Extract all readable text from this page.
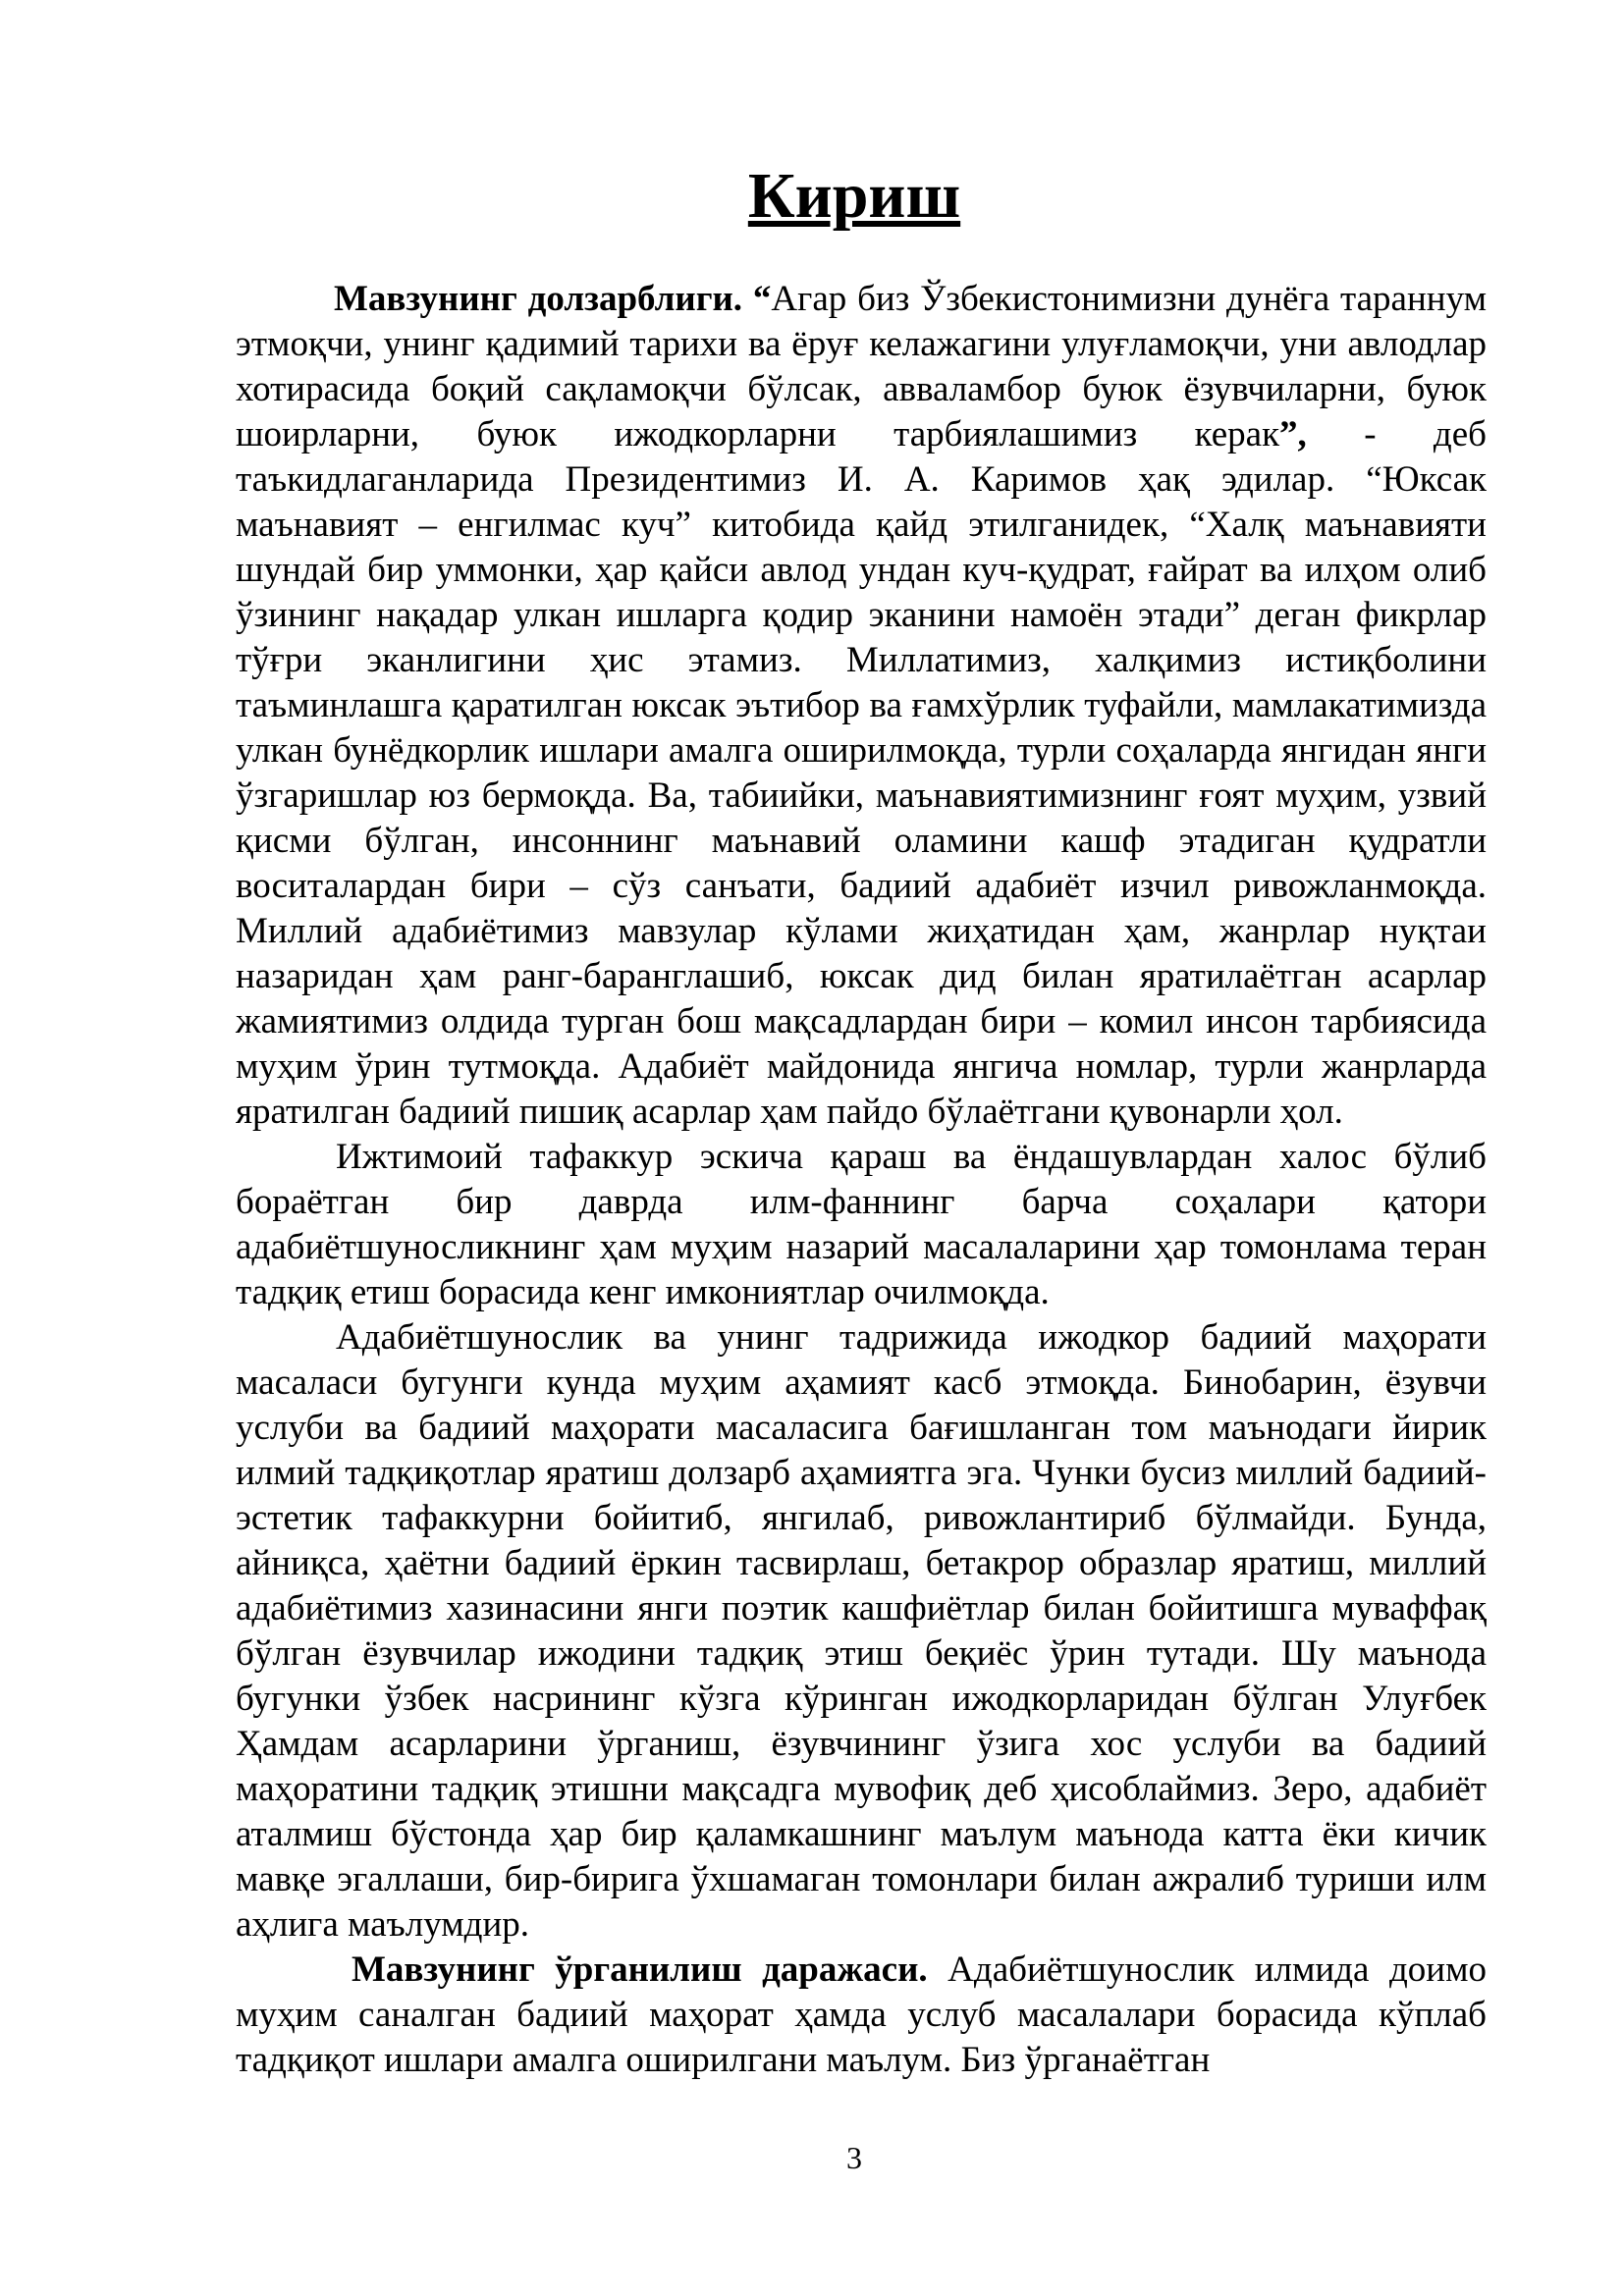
Кириш

Мавзунинг долзарблиги. “Агар биз Ўзбекистонимизни дунёга тараннум этмоқчи, унинг қадимий тарихи ва ёруғ келажагини улуғламоқчи, уни авлодлар хотирасида боқий сақламоқчи бўлсак, авваламбор буюк ёзувчиларни, буюк шоирларни, буюк ижодкорларни тарбиялашимиз керак”, - деб таъкидлаганларида Президентимиз И. А. Каримов ҳақ эдилар. “Юксак маънавият – енгилмас куч” китобида қайд этилганидек, “Халқ маънавияти шундай бир уммонки, ҳар қайси авлод ундан куч-қудрат, ғайрат ва илҳом олиб ўзининг нақадар улкан ишларга қодир эканини намоён этади” деган фикрлар тўғри эканлигини ҳис этамиз. Миллатимиз, халқимиз истиқболини таъминлашга қаратилган юксак эътибор ва ғамхўрлик туфайли, мамлакатимизда улкан бунёдкорлик ишлари амалга оширилмоқда, турли соҳаларда янгидан янги ўзгаришлар юз бермоқда. Ва, табиийки, маънавиятимизнинг ғоят муҳим, узвий қисми бўлган, инсоннинг маънавий оламини кашф этадиган қудратли воситалардан бири – сўз санъати, бадиий адабиёт изчил ривожланмоқда. Миллий адабиётимиз мавзулар кўлами жиҳатидан ҳам, жанрлар нуқтаи назаридан ҳам ранг-баранглашиб, юксак дид билан яратилаётган асарлар жамиятимиз олдида турган бош мақсадлардан бири – комил инсон тарбиясида муҳим ўрин тутмоқда. Адабиёт майдонида янгича номлар, турли жанрларда яратилган бадиий пишиқ асарлар ҳам пайдо бўлаётгани қувонарли ҳол.

Ижтимоий тафаккур эскича қараш ва ёндашувлардан халос бўлиб бораётган бир даврда илм-фаннинг барча соҳалари қатори адабиётшуносликнинг ҳам муҳим назарий масалаларини ҳар томонлама теран тадқиқ етиш борасида кенг имкониятлар очилмоқда.

Адабиётшунослик ва унинг тадрижида ижодкор бадиий маҳорати масаласи бугунги кунда муҳим аҳамият касб этмоқда. Бинобарин, ёзувчи услуби ва бадиий маҳорати масаласига бағишланган том маънодаги йирик илмий тадқиқотлар яратиш долзарб аҳамиятга эга. Чунки бусиз миллий бадиий-эстетик тафаккурни бойитиб, янгилаб, ривожлантириб бўлмайди. Бунда, айниқса, ҳаётни бадиий ёркин тасвирлаш, бетакрор образлар яратиш, миллий адабиётимиз хазинасини янги поэтик кашфиётлар билан бойитишга муваффақ бўлган ёзувчилар ижодини тадқиқ этиш беқиёс ўрин тутади. Шу маънода бугунки ўзбек насрининг кўзга кўринган ижодкорларидан бўлган Улуғбек Ҳамдам асарларини ўрганиш, ёзувчининг ўзига хос услуби ва бадиий маҳоратини тадқиқ этишни мақсадга мувофиқ деб ҳисоблаймиз. Зеро, адабиёт аталмиш бўстонда ҳар бир қаламкашнинг маълум маънода катта ёки кичик мавқе эгаллаши, бир-бирига ўхшамаган томонлари билан ажралиб туриши илм аҳлига маълумдир.

Мавзунинг ўрганилиш даражаси. Адабиётшунослик илмида доимо муҳим саналган бадиий маҳорат ҳамда услуб масалалари борасида кўплаб тадқиқот ишлари амалга оширилгани маълум. Биз ўрганаётган

3
